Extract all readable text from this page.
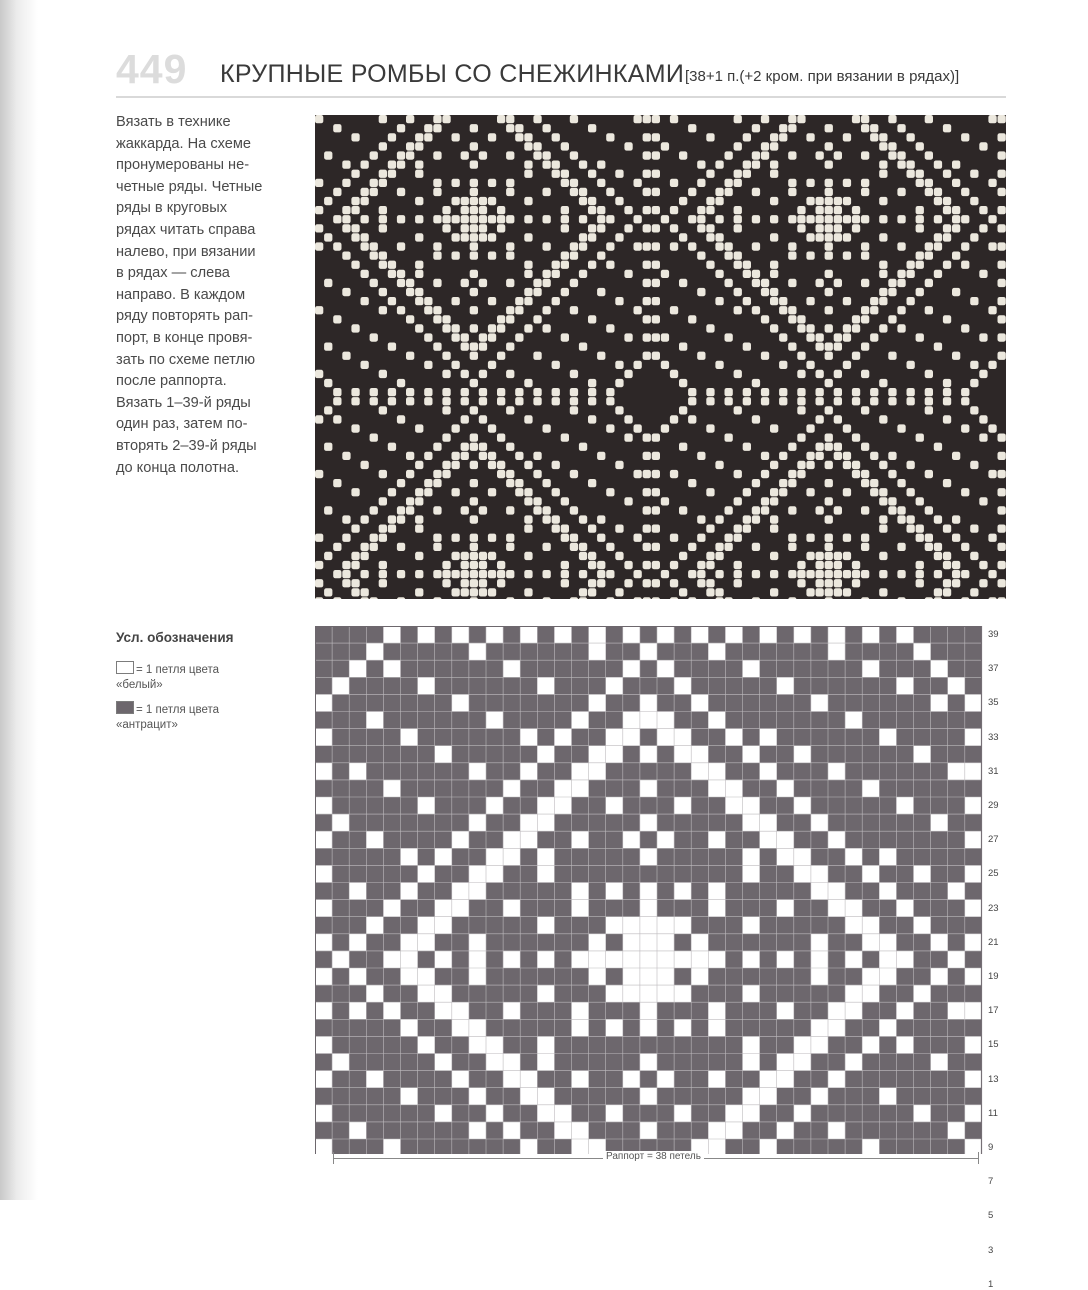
449 КРУПНЫЕ РОМБЫ СО СНЕЖИНКАМИ [38+1 п.(+2 кром. при вязании в рядах)]
Вязать в технике
жаккарда. На схеме
пронумерованы не-
четные ряды. Четные
ряды в круговых
рядах читать справа
налево, при вязании
в рядах — слева
направо. В каждом
ряду повторять рап-
порт, в конце провя-
зать по схеме петлю
после раппорта.
Вязать 1–39-й ряды
один раз, затем по-
вторять 2–39-й ряды
до конца полотна.
Усл. обозначения
= 1 петля цвета
«белый»
= 1 петля цвета
«антрацит»
39
37
35
33
31
29
27
25
23
21
19
17
15
13
11
9
7
5
3
1
Раппорт = 38 петель
